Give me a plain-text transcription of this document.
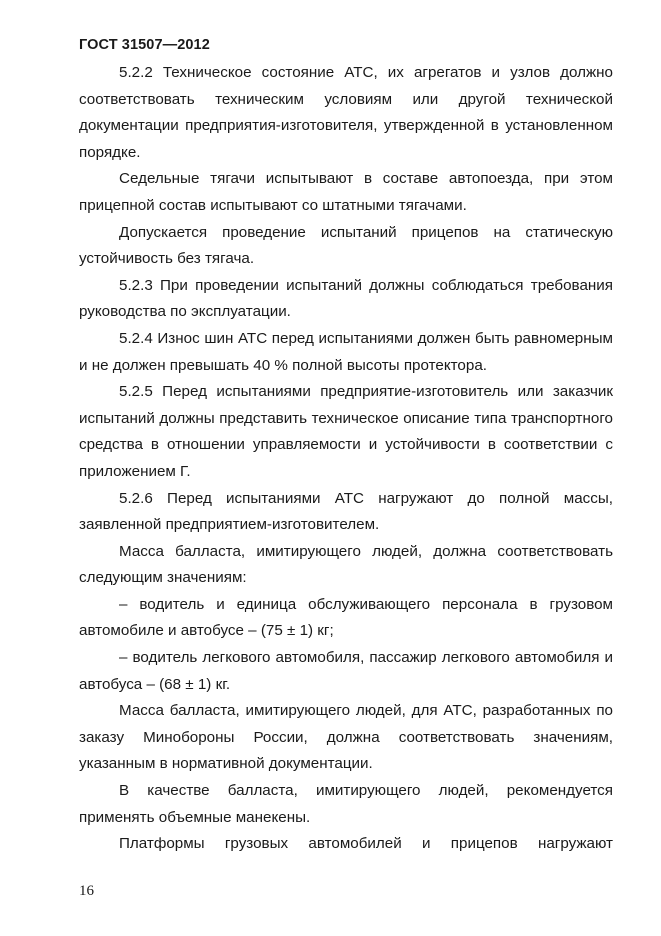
ГОСТ 31507—2012

5.2.2 Техническое состояние АТС, их агрегатов и узлов должно соответствовать техническим условиям или другой технической документации предприятия-изготовителя, утвержденной в установленном порядке.

Седельные тягачи испытывают в составе автопоезда, при этом прицепной состав испытывают со штатными тягачами.

Допускается проведение испытаний прицепов на статическую устойчивость без тягача.

5.2.3 При проведении испытаний должны соблюдаться требования руководства по эксплуатации.

5.2.4 Износ шин АТС перед испытаниями должен быть равномерным и не должен превышать 40 % полной высоты протектора.

5.2.5 Перед испытаниями предприятие-изготовитель или заказчик испытаний должны представить техническое описание типа транспортного средства в отношении управляемости и устойчивости в соответствии с приложением Г.

5.2.6 Перед испытаниями АТС нагружают до полной массы, заявленной предприятием-изготовителем.

Масса балласта, имитирующего людей, должна соответствовать следующим значениям:

– водитель и единица обслуживающего персонала в грузовом автомобиле и автобусе – (75 ± 1) кг;

– водитель легкового автомобиля, пассажир легкового автомобиля и автобуса – (68 ± 1) кг.

Масса балласта, имитирующего людей, для АТС, разработанных по заказу Минобороны России, должна соответствовать значениям, указанным в нормативной документации.

В качестве балласта, имитирующего людей, рекомендуется применять объемные манекены.

Платформы грузовых автомобилей и прицепов нагружают

16
